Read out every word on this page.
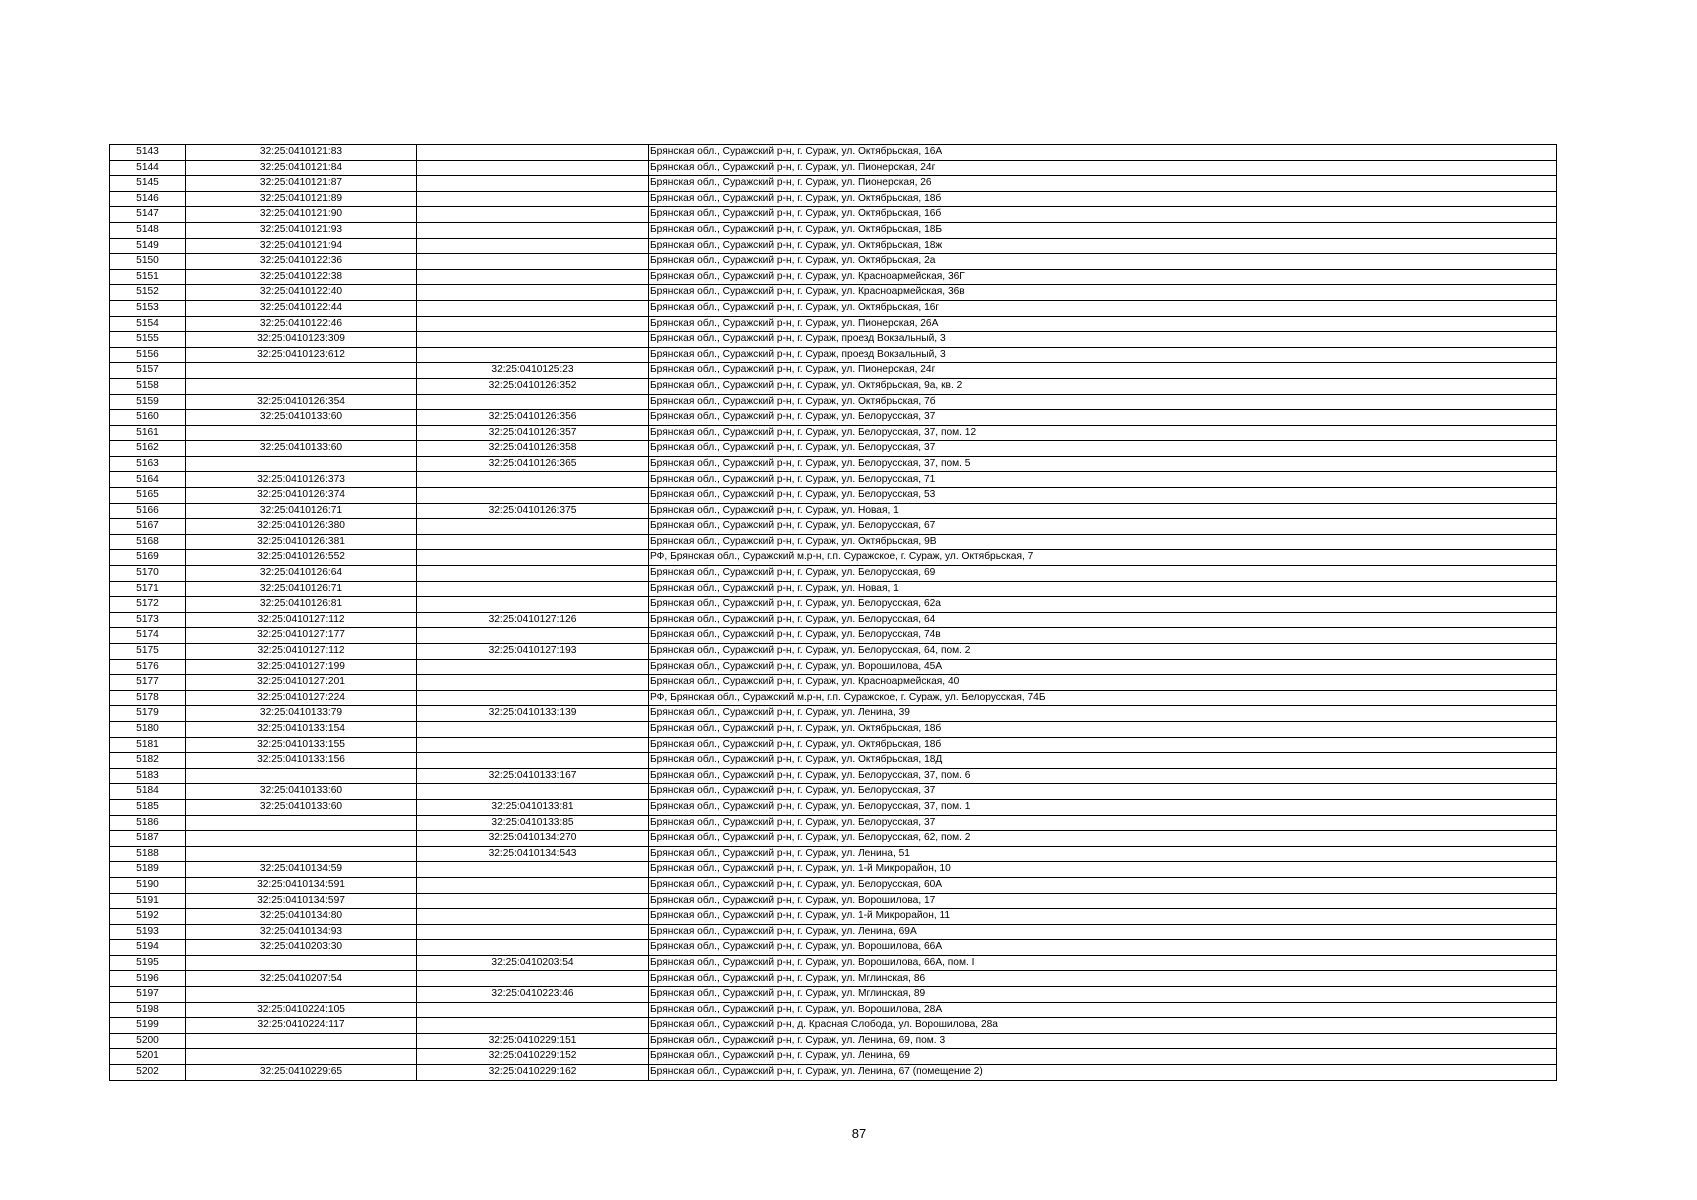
5143	32:25:0410121:83		Брянская обл., Суражский р-н, г. Сураж, ул. Октябрьская, 16А
5144	32:25:0410121:84		Брянская обл., Суражский р-н, г. Сураж, ул. Пионерская, 24г
5145	32:25:0410121:87		Брянская обл., Суражский р-н, г. Сураж, ул. Пионерская, 26
5146	32:25:0410121:89		Брянская обл., Суражский р-н, г. Сураж, ул. Октябрьская, 18б
5147	32:25:0410121:90		Брянская обл., Суражский р-н, г. Сураж, ул. Октябрьская, 16б
5148	32:25:0410121:93		Брянская обл., Суражский р-н, г. Сураж, ул. Октябрьская, 18Б
5149	32:25:0410121:94		Брянская обл., Суражский р-н, г. Сураж, ул. Октябрьская, 18ж
5150	32:25:0410122:36		Брянская обл., Суражский р-н, г. Сураж, ул. Октябрьская, 2а
5151	32:25:0410122:38		Брянская обл., Суражский р-н, г. Сураж, ул. Красноармейская, 36Г
5152	32:25:0410122:40		Брянская обл., Суражский р-н, г. Сураж, ул. Красноармейская, 36в
5153	32:25:0410122:44		Брянская обл., Суражский р-н, г. Сураж, ул. Октябрьская, 16г
5154	32:25:0410122:46		Брянская обл., Суражский р-н, г. Сураж, ул. Пионерская, 26А
5155	32:25:0410123:309		Брянская обл., Суражский р-н, г. Сураж, проезд Вокзальный, 3
5156	32:25:0410123:612		Брянская обл., Суражский р-н, г. Сураж, проезд Вокзальный, 3
5157		32:25:0410125:23	Брянская обл., Суражский р-н, г. Сураж, ул. Пионерская, 24г
5158		32:25:0410126:352	Брянская обл., Суражский р-н, г. Сураж, ул. Октябрьская, 9а, кв. 2
5159	32:25:0410126:354		Брянская обл., Суражский р-н, г. Сураж, ул. Октябрьская, 7б
5160	32:25:0410133:60	32:25:0410126:356	Брянская обл., Суражский р-н, г. Сураж, ул. Белорусская, 37
5161		32:25:0410126:357	Брянская обл., Суражский р-н, г. Сураж, ул. Белорусская, 37, пом. 12
5162	32:25:0410133:60	32:25:0410126:358	Брянская обл., Суражский р-н, г. Сураж, ул. Белорусская, 37
5163		32:25:0410126:365	Брянская обл., Суражский р-н, г. Сураж, ул. Белорусская, 37, пом. 5
5164	32:25:0410126:373		Брянская обл., Суражский р-н, г. Сураж, ул. Белорусская, 71
5165	32:25:0410126:374		Брянская обл., Суражский р-н, г. Сураж, ул. Белорусская, 53
5166	32:25:0410126:71	32:25:0410126:375	Брянская обл., Суражский р-н, г. Сураж, ул. Новая, 1
5167	32:25:0410126:380		Брянская обл., Суражский р-н, г. Сураж, ул. Белорусская, 67
5168	32:25:0410126:381		Брянская обл., Суражский р-н, г. Сураж, ул. Октябрьская, 9В
5169	32:25:0410126:552		РФ, Брянская обл., Суражский м.р-н, г.п. Суражское, г. Сураж, ул. Октябрьская, 7
5170	32:25:0410126:64		Брянская обл., Суражский р-н, г. Сураж, ул. Белорусская, 69
5171	32:25:0410126:71		Брянская обл., Суражский р-н, г. Сураж, ул. Новая, 1
5172	32:25:0410126:81		Брянская обл., Суражский р-н, г. Сураж, ул. Белорусская, 62а
5173	32:25:0410127:112	32:25:0410127:126	Брянская обл., Суражский р-н, г. Сураж, ул. Белорусская, 64
5174	32:25:0410127:177		Брянская обл., Суражский р-н, г. Сураж, ул. Белорусская, 74в
5175	32:25:0410127:112	32:25:0410127:193	Брянская обл., Суражский р-н, г. Сураж, ул. Белорусская, 64, пом. 2
5176	32:25:0410127:199		Брянская обл., Суражский р-н, г. Сураж, ул. Ворошилова, 45А
5177	32:25:0410127:201		Брянская обл., Суражский р-н, г. Сураж, ул. Красноармейская, 40
5178	32:25:0410127:224		РФ, Брянская обл., Суражский м.р-н, г.п. Суражское, г. Сураж, ул. Белорусская, 74Б
5179	32:25:0410133:79	32:25:0410133:139	Брянская обл., Суражский р-н, г. Сураж, ул. Ленина, 39
5180	32:25:0410133:154		Брянская обл., Суражский р-н, г. Сураж, ул. Октябрьская, 18б
5181	32:25:0410133:155		Брянская обл., Суражский р-н, г. Сураж, ул. Октябрьская, 18б
5182	32:25:0410133:156		Брянская обл., Суражский р-н, г. Сураж, ул. Октябрьская, 18Д
5183		32:25:0410133:167	Брянская обл., Суражский р-н, г. Сураж, ул. Белорусская, 37, пом. 6
5184	32:25:0410133:60		Брянская обл., Суражский р-н, г. Сураж, ул. Белорусская, 37
5185	32:25:0410133:60	32:25:0410133:81	Брянская обл., Суражский р-н, г. Сураж, ул. Белорусская, 37, пом. 1
5186		32:25:0410133:85	Брянская обл., Суражский р-н, г. Сураж, ул. Белорусская, 37
5187		32:25:0410134:270	Брянская обл., Суражский р-н, г. Сураж, ул. Белорусская, 62, пом. 2
5188		32:25:0410134:543	Брянская обл., Суражский р-н, г. Сураж, ул. Ленина, 51
5189	32:25:0410134:59		Брянская обл., Суражский р-н, г. Сураж, ул. 1-й Микрорайон, 10
5190	32:25:0410134:591		Брянская обл., Суражский р-н, г. Сураж, ул. Белорусская, 60А
5191	32:25:0410134:597		Брянская обл., Суражский р-н, г. Сураж, ул. Ворошилова, 17
5192	32:25:0410134:80		Брянская обл., Суражский р-н, г. Сураж, ул. 1-й Микрорайон, 11
5193	32:25:0410134:93		Брянская обл., Суражский р-н, г. Сураж, ул. Ленина, 69А
5194	32:25:0410203:30		Брянская обл., Суражский р-н, г. Сураж, ул. Ворошилова, 66А
5195		32:25:0410203:54	Брянская обл., Суражский р-н, г. Сураж, ул. Ворошилова, 66А, пом. I
5196	32:25:0410207:54		Брянская обл., Суражский р-н, г. Сураж, ул. Мглинская, 86
5197		32:25:0410223:46	Брянская обл., Суражский р-н, г. Сураж, ул. Мглинская, 89
5198	32:25:0410224:105		Брянская обл., Суражский р-н, г. Сураж, ул. Ворошилова, 28А
5199	32:25:0410224:117		Брянская обл., Суражский р-н, д. Красная Слобода, ул. Ворошилова, 28а
5200		32:25:0410229:151	Брянская обл., Суражский р-н, г. Сураж, ул. Ленина, 69, пом. 3
5201		32:25:0410229:152	Брянская обл., Суражский р-н, г. Сураж, ул. Ленина, 69
5202	32:25:0410229:65	32:25:0410229:162	Брянская обл., Суражский р-н, г. Сураж, ул. Ленина, 67 (помещение 2)
87
